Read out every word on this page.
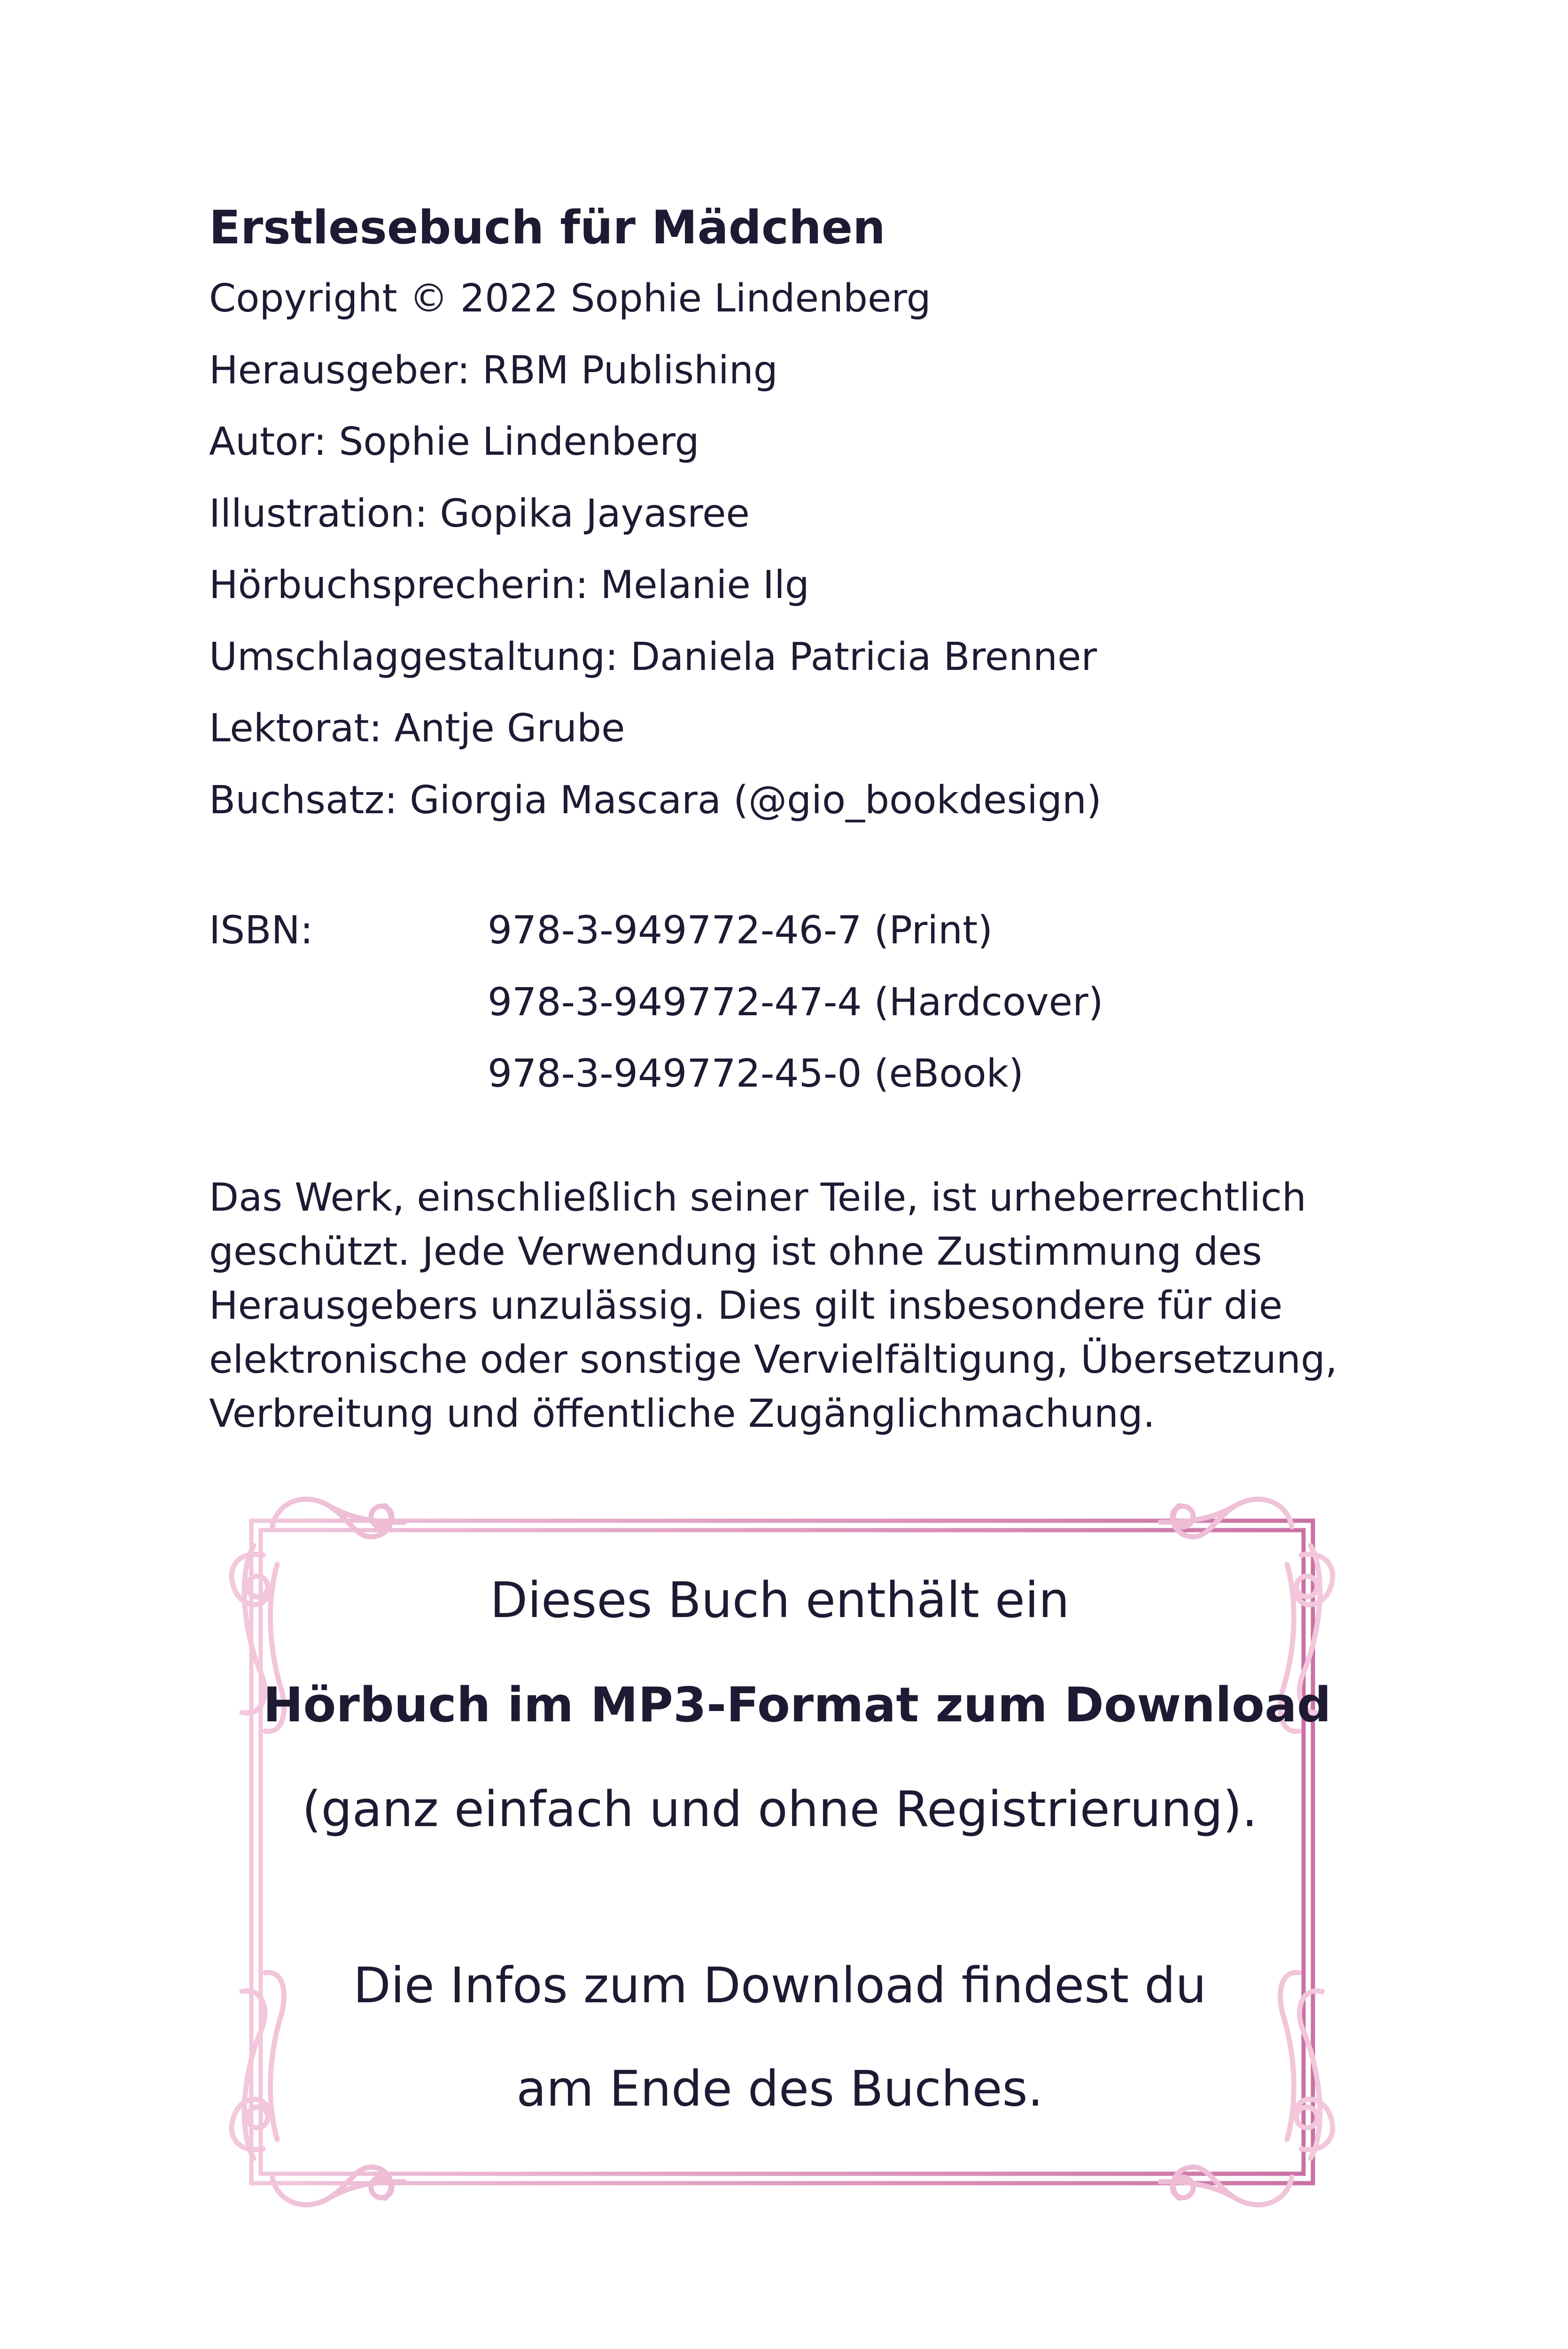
Erstlesebuch für Mädchen
Copyright © 2022 Sophie Lindenberg
Herausgeber: RBM Publishing
Autor: Sophie Lindenberg
Illustration: Gopika Jayasree
Hörbuchsprecherin: Melanie Ilg
Umschlaggestaltung: Daniela Patricia Brenner
Lektorat: Antje Grube
Buchsatz: Giorgia Mascara (@gio_bookdesign)
ISBN:	978-3-949772-46-7 (Print)
978-3-949772-47-4 (Hardcover)
978-3-949772-45-0 (eBook)
Das Werk, einschließlich seiner Teile, ist urheberrechtlich
geschützt. Jede Verwendung ist ohne Zustimmung des
Herausgebers unzulässig. Dies gilt insbesondere für die
elektronische oder sonstige Vervielfältigung, Übersetzung,
Verbreitung und öffentliche Zugänglichmachung.
Dieses Buch enthält ein
Hörbuch im MP3-Format zum Download
(ganz einfach und ohne Registrierung).
Die Infos zum Download findest du
am Ende des Buches.
